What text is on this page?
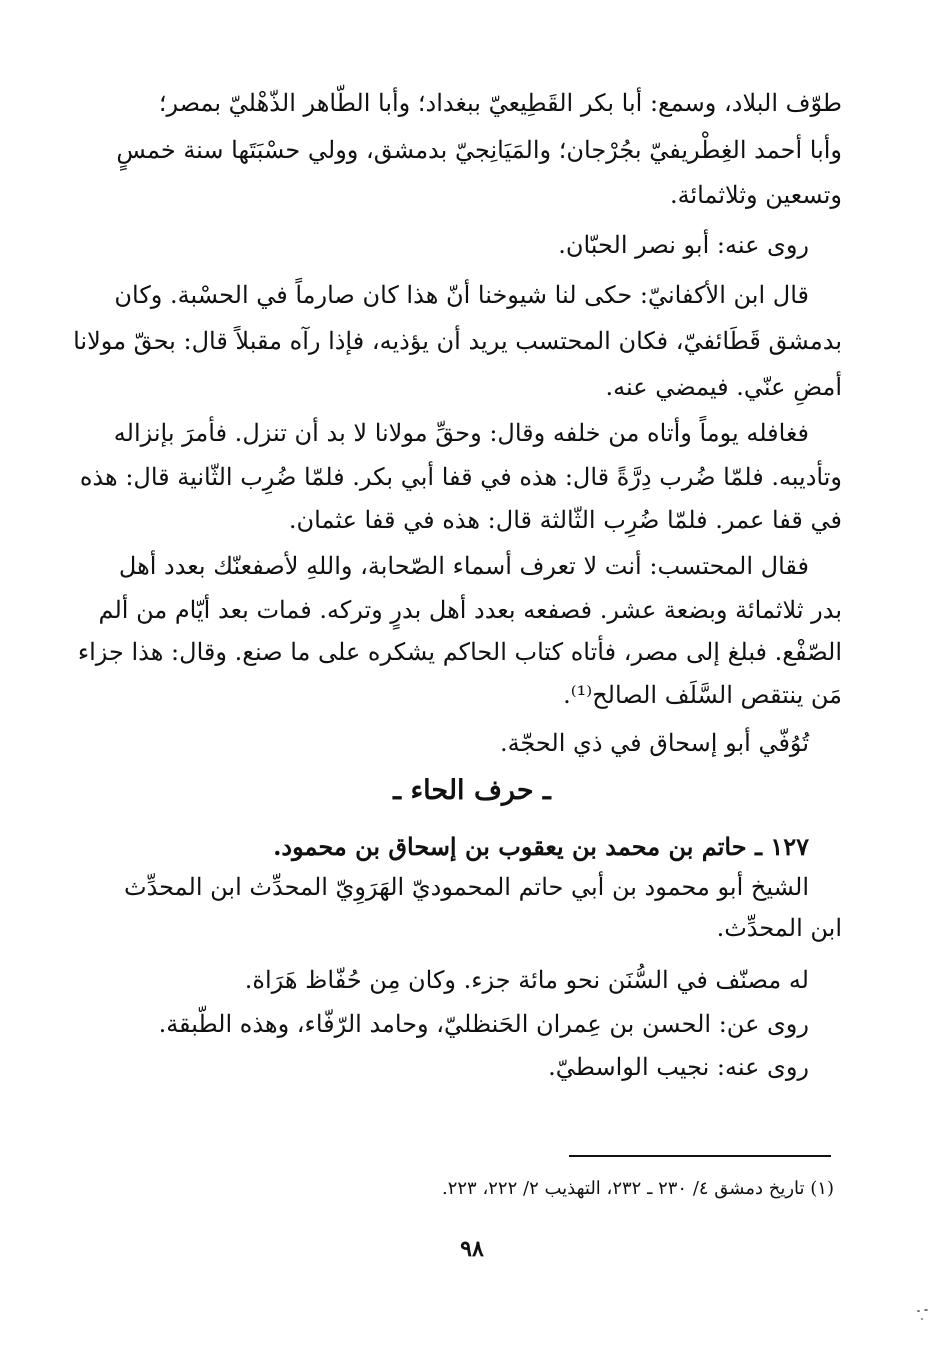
طوّف البلاد، وسمع: أبا بكر القَطِيعيّ ببغداد؛ وأبا الطّاهر الذّهْليّ بمصر؛
وأبا أحمد الغِطْريفيّ بجُرْجان؛ والمَيَانِجيّ بدمشق، وولي حسْبَتَها سنة خمسٍ
وتسعين وثلاثمائة.
روى عنه: أبو نصر الحبّان.
قال ابن الأكفانيّ: حكى لنا شيوخنا أنّ هذا كان صارماً في الحسْبة. وكان
بدمشق قَطَائفيّ، فكان المحتسب يريد أن يؤذيه، فإذا رآه مقبلاً قال: بحقّ مولانا
أمضِ عنّي. فيمضي عنه.
فغافله يوماً وأتاه من خلفه وقال: وحقِّ مولانا لا بد أن تنزل. فأمرَ بإنزاله
وتأديبه. فلمّا ضُرب دِرَّةً قال: هذه في قفا أبي بكر. فلمّا ضُرِب الثّانية قال: هذه
في قفا عمر. فلمّا ضُرِب الثّالثة قال: هذه في قفا عثمان.
فقال المحتسب: أنت لا تعرف أسماء الصّحابة، واللهِ لأصفعنّك بعدد أهل
بدر ثلاثمائة وبضعة عشر. فصفعه بعدد أهل بدرٍ وتركه. فمات بعد أيّام من ألم
الصّفْع. فبلغ إلى مصر، فأتاه كتاب الحاكم يشكره على ما صنع. وقال: هذا جزاء
مَن ينتقص السَّلَف الصالح⁽¹⁾.
تُوُفّي أبو إسحاق في ذي الحجّة.
ـ حرف الحاء ـ
١٢٧ ـ حاتم بن محمد بن يعقوب بن إسحاق بن محمود.
الشيخ أبو محمود بن أبي حاتم المحموديّ الهَرَوِيّ المحدِّث ابن المحدِّث
ابن المحدِّث.
له مصنّف في السُّنَن نحو مائة جزء. وكان مِن حُفّاظ هَرَاة.
روى عن: الحسن بن عِمران الحَنظليّ، وحامد الرّفّاء، وهذه الطّبقة.
روى عنه: نجيب الواسطيّ.
(١) تاريخ دمشق ٤/ ٢٣٠ ـ ٢٣٢، التهذيب ٢/ ٢٢٢، ٢٢٣.
٩٨
